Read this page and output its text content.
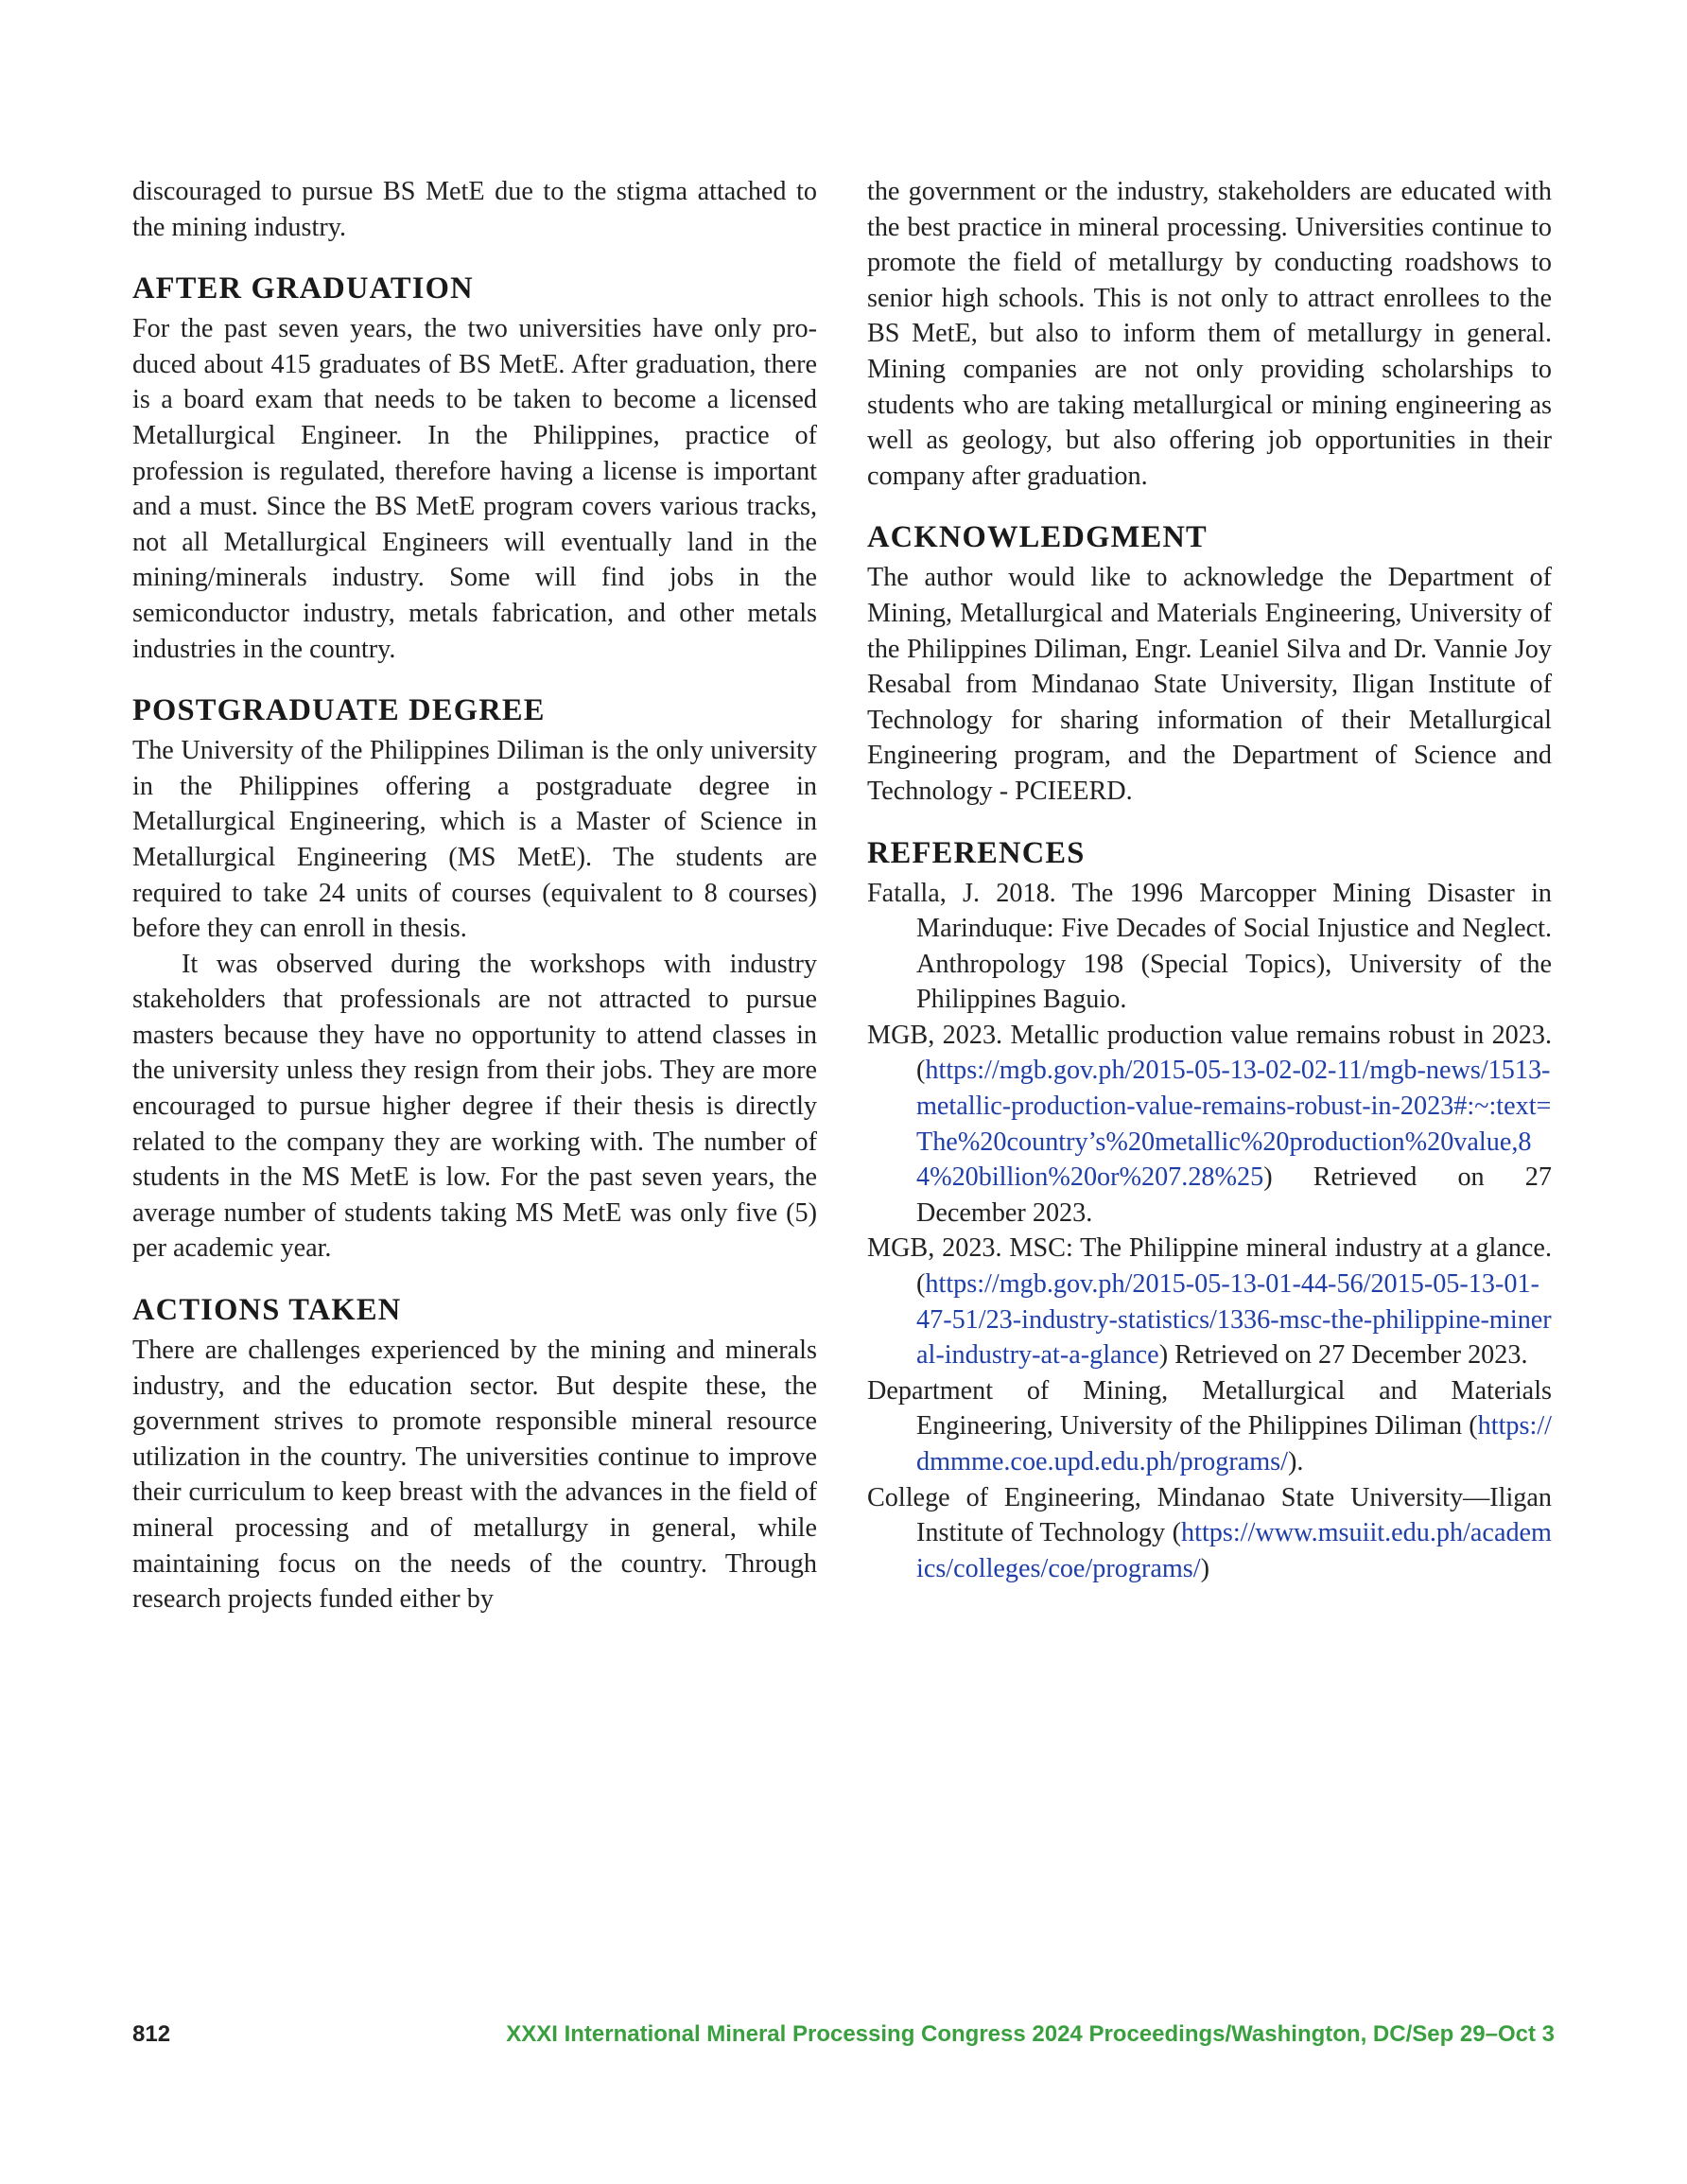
discouraged to pursue BS MetE due to the stigma attached to the mining industry.

AFTER GRADUATION

For the past seven years, the two universities have only produced about 415 graduates of BS MetE. After graduation, there is a board exam that needs to be taken to become a licensed Metallurgical Engineer. In the Philippines, practice of profession is regulated, therefore having a license is important and a must. Since the BS MetE program covers various tracks, not all Metallurgical Engineers will eventually land in the mining/minerals industry. Some will find jobs in the semiconductor industry, metals fabrication, and other metals industries in the country.

POSTGRADUATE DEGREE

The University of the Philippines Diliman is the only university in the Philippines offering a postgraduate degree in Metallurgical Engineering, which is a Master of Science in Metallurgical Engineering (MS MetE). The students are required to take 24 units of courses (equivalent to 8 courses) before they can enroll in thesis.

It was observed during the workshops with industry stakeholders that professionals are not attracted to pursue masters because they have no opportunity to attend classes in the university unless they resign from their jobs. They are more encouraged to pursue higher degree if their thesis is directly related to the company they are working with. The number of students in the MS MetE is low. For the past seven years, the average number of students taking MS MetE was only five (5) per academic year.

ACTIONS TAKEN

There are challenges experienced by the mining and minerals industry, and the education sector. But despite these, the government strives to promote responsible mineral resource utilization in the country. The universities continue to improve their curriculum to keep breast with the advances in the field of mineral processing and of metallurgy in general, while maintaining focus on the needs of the country. Through research projects funded either by

the government or the industry, stakeholders are educated with the best practice in mineral processing. Universities continue to promote the field of metallurgy by conducting roadshows to senior high schools. This is not only to attract enrollees to the BS MetE, but also to inform them of metallurgy in general. Mining companies are not only providing scholarships to students who are taking metallurgical or mining engineering as well as geology, but also offering job opportunities in their company after graduation.

ACKNOWLEDGMENT

The author would like to acknowledge the Department of Mining, Metallurgical and Materials Engineering, University of the Philippines Diliman, Engr. Leaniel Silva and Dr. Vannie Joy Resabal from Mindanao State University, Iligan Institute of Technology for sharing information of their Metallurgical Engineering program, and the Department of Science and Technology - PCIEERD.

REFERENCES

Fatalla, J. 2018. The 1996 Marcopper Mining Disaster in Marinduque: Five Decades of Social Injustice and Neglect. Anthropology 198 (Special Topics), University of the Philippines Baguio.

MGB, 2023. Metallic production value remains robust in 2023. (https://mgb.gov.ph/2015-05-13-02-02-11/mgb-news/1513-metallic-production-value-remains-robust-in-2023#:~:text=The%20country’s%20metallic%20production%20value,84%20billion%20or%207.28%25) Retrieved on 27 December 2023.

MGB, 2023. MSC: The Philippine mineral industry at a glance. (https://mgb.gov.ph/2015-05-13-01-44-56/2015-05-13-01-47-51/23-industry-statistics/1336-msc-the-philippine-mineral-industry-at-a-glance) Retrieved on 27 December 2023.

Department of Mining, Metallurgical and Materials Engineering, University of the Philippines Diliman (https://dmmme.coe.upd.edu.ph/programs/).

College of Engineering, Mindanao State University—Iligan Institute of Technology (https://www.msuiit.edu.ph/academics/colleges/coe/programs/)

812	XXXI International Mineral Processing Congress 2024 Proceedings/Washington, DC/Sep 29–Oct 3
